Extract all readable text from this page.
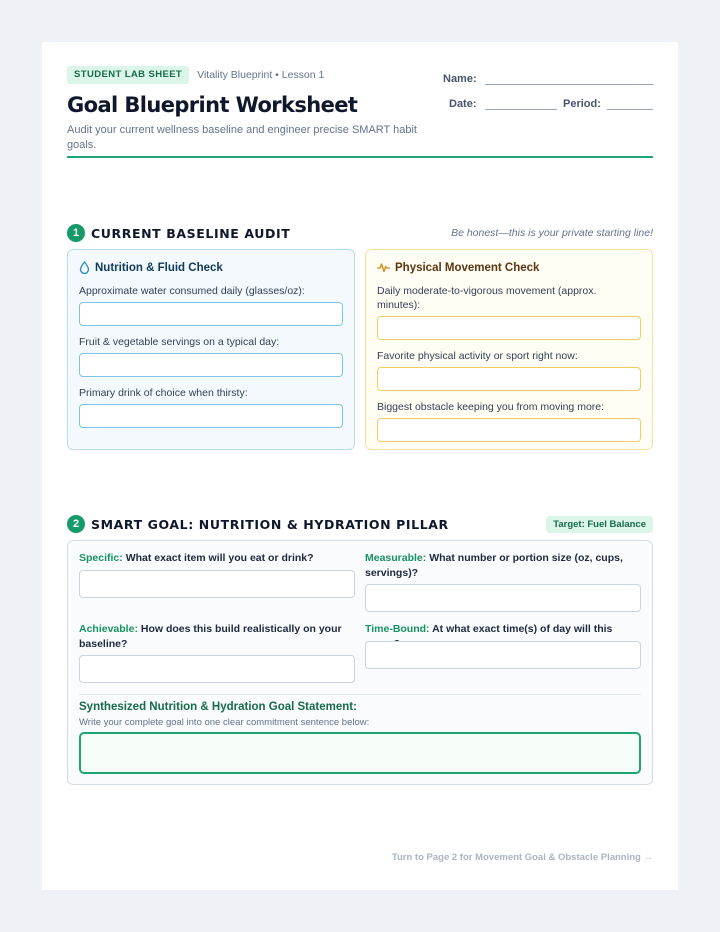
STUDENT LAB SHEET	Vitality Blueprint • Lesson 1
Goal Blueprint Worksheet
Audit your current wellness baseline and engineer precise SMART habit goals.
Name:
Date:	Period:
1 CURRENT BASELINE AUDIT	Be honest—this is your private starting line!
Nutrition & Fluid Check
Approximate water consumed daily (glasses/oz):
Fruit & vegetable servings on a typical day:
Primary drink of choice when thirsty:
Physical Movement Check
Daily moderate-to-vigorous movement (approx. minutes):
Favorite physical activity or sport right now:
Biggest obstacle keeping you from moving more:
2 SMART GOAL: NUTRITION & HYDRATION PILLAR	Target: Fuel Balance
Specific: What exact item will you eat or drink?	Measurable: What number or portion size (oz, cups, servings)?
Achievable: How does this build realistically on your baseline?
Time-Bound: At what exact time(s) of day will this
Synthesized Nutrition & Hydration Goal Statement:
Write your complete goal into one clear commitment sentence below:
Turn to Page 2 for Movement Goal & Obstacle Planning →
